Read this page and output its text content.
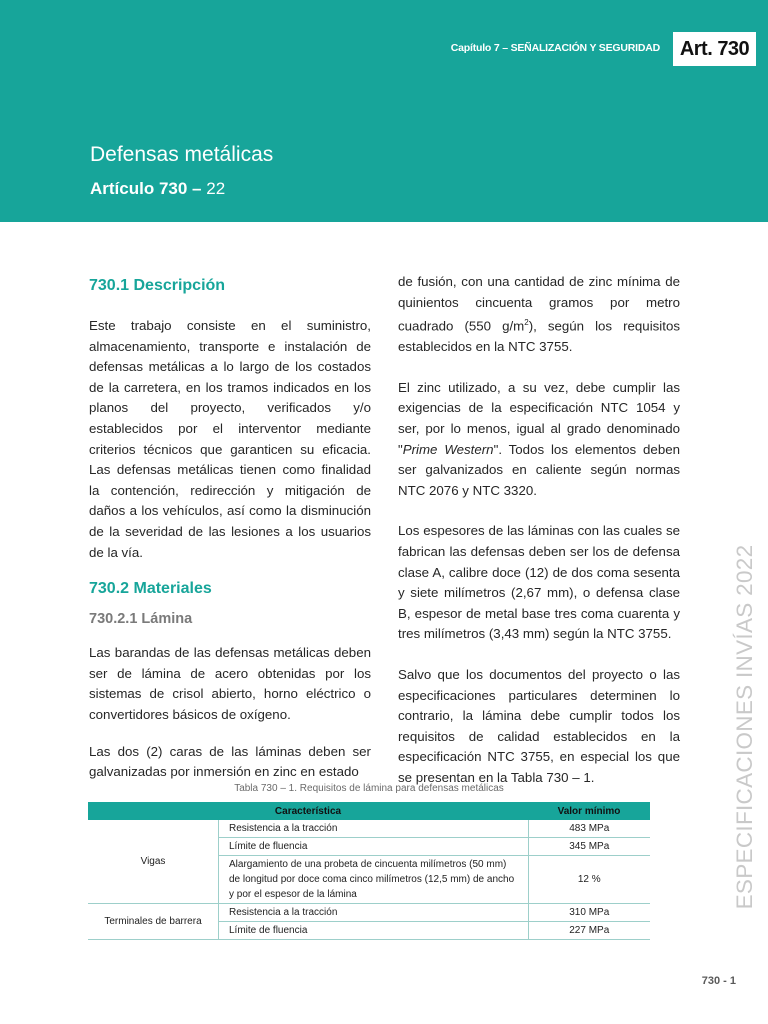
Capítulo 7 – SEÑALIZACIÓN Y SEGURIDAD Art. 730
Defensas metálicas
Artículo 730 – 22
730.1 Descripción

Este trabajo consiste en el suministro, almacenamiento, transporte e instalación de defensas metálicas a lo largo de los costados de la carretera, en los tramos indicados en los planos del proyecto, verificados y/o establecidos por el interventor mediante criterios técnicos que garanticen su eficacia. Las defensas metálicas tienen como finalidad la contención, redirección y mitigación de daños a los vehículos, así como la disminución de la severidad de las lesiones a los usuarios de la vía.

730.2 Materiales
730.2.1 Lámina

Las barandas de las defensas metálicas deben ser de lámina de acero obtenidas por los sistemas de crisol abierto, horno eléctrico o convertidores básicos de oxígeno.

Las dos (2) caras de las láminas deben ser galvanizadas por inmersión en zinc en estado

de fusión, con una cantidad de zinc mínima de quinientos cincuenta gramos por metro cuadrado (550 $g/m^2$), según los requisitos establecidos en la NTC 3755.

El zinc utilizado, a su vez, debe cumplir las exigencias de la especificación NTC 1054 y ser, por lo menos, igual al grado denominado "Prime Western". Todos los elementos deben ser galvanizados en caliente según normas NTC 2076 y NTC 3320.

Los espesores de las láminas con las cuales se fabrican las defensas deben ser los de defensa clase A, calibre doce (12) de dos coma sesenta y siete milímetros (2,67 mm), o defensa clase B, espesor de metal base tres coma cuarenta y tres milímetros (3,43 mm) según la NTC 3755.

Salvo que los documentos del proyecto o las especificaciones particulares determinen lo contrario, la lámina debe cumplir todos los requisitos de calidad establecidos en la especificación NTC 3755, en especial los que se presentan en la Tabla 730 – 1.	ESPECIFICACIONES INVÍAS 2022
Tabla 730 – 1. Requisitos de lámina para defensas metálicas
Característica		Valor mínimo
Vigas	Resistencia a la tracción	483 MPa
	Límite de fluencia	345 MPa
	Alargamiento de una probeta de cincuenta milímetros (50 mm) de longitud por doce coma cinco milímetros (12,5 mm) de ancho y por el espesor de la lámina	12 %
Terminales de barrera	Resistencia a la tracción	310 MPa
	Límite de fluencia	227 MPa
730 - 1
